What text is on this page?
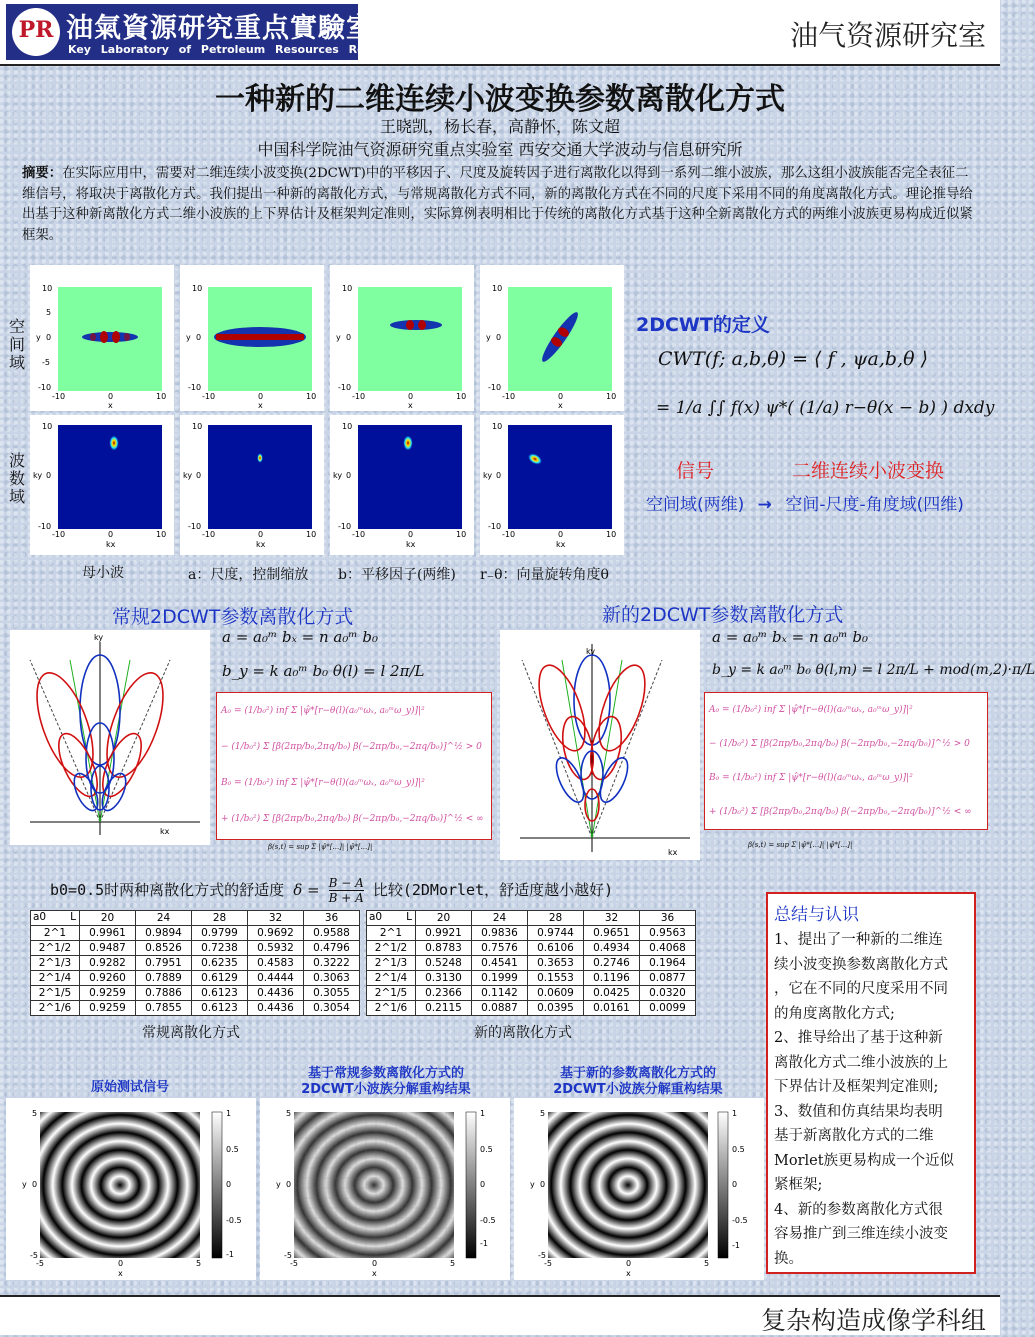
PR 油氣資源研究重点實驗室
Key Laboratory of Petroleum Resources Research	油气资源研究室
一种新的二维连续小波变换参数离散化方式
王晓凯，杨长春，高静怀，陈文超
中国科学院油气资源研究重点实验室 西安交通大学波动与信息研究所
摘要：在实际应用中，需要对二维连续小波变换(2DCWT)中的平移因子、尺度及旋转因子进行离散化以得到一系列二维小波族，那么这组小波族能否完全表征二维信号，将取决于离散化方式。我们提出一种新的离散化方式，与常规离散化方式不同，新的离散化方式在不同的尺度下采用不同的角度离散化方式。理论推导给出基于这种新离散化方式二维小波族的上下界估计及框架判定准则，实际算例表明相比于传统的离散化方式基于这种全新离散化方式的两维小波族更易构成近似紧框架。
空间域
波数域
10
5
0
-5
-10
-10	0	10
x
y
10
0
-10
-10	0	10
x
y
10
0
-10
-10	0	10
x
y
10
0
-10
-10	0	10
x
y
10
0
-10
-10	0	10
kx
ky
10
0
-10
-10	0	10
kx
ky
10
0
-10
-10	0	10
kx
ky
10
0
-10
-10	0	10
kx
ky
母小波	a：尺度，控制缩放 b：平移因子(两维) r₋θ：向量旋转角度θ
2DCWT的定义
CWT(f; a,b,θ) = ⟨ f , ψa,b,θ ⟩
= 1/a ∫∫ f(x) ψ*( (1/a) r−θ(x − b) ) dxdy
信号	二维连续小波变换
空间域(两维) → 空间-尺度-角度域(四维)
常规2DCWT参数离散化方式
ky
kx
a = a₀ᵐ bₓ = n a₀ᵐ b₀
b_y = k a₀ᵐ b₀ θ(l) = l 2π/L
A₀ = (1/b₀²) inf Σ |ψ̂*[r−θ(l)(a₀ᵐωₓ, a₀ᵐω_y)]|²
− (1/b₀²) Σ [β(2πp/b₀,2πq/b₀) β(−2πp/b₀,−2πq/b₀)]^½ > 0
B₀ = (1/b₀²) inf Σ |ψ̂*[r−θ(l)(a₀ᵐωₓ, a₀ᵐω_y)]|²
+ (1/b₀²) Σ [β(2πp/b₀,2πq/b₀) β(−2πp/b₀,−2πq/b₀)]^½ < ∞
β(s,t) = sup Σ |ψ̂*[...]| |ψ̂*[...]|
新的2DCWT参数离散化方式
ky
kx
a = a₀ᵐ bₓ = n a₀ᵐ b₀
b_y = k a₀ᵐ b₀ θ(l,m) = l 2π/L + mod(m,2)·π/L
A₀ = (1/b₀²) inf Σ |ψ̂*[r−θ(l)(a₀ᵐωₓ, a₀ᵐω_y)]|²
− (1/b₀²) Σ [β(2πp/b₀,2πq/b₀) β(−2πp/b₀,−2πq/b₀)]^½ > 0
B₀ = (1/b₀²) inf Σ |ψ̂*[r−θ(l)(a₀ᵐωₓ, a₀ᵐω_y)]|²
+ (1/b₀²) Σ [β(2πp/b₀,2πq/b₀) β(−2πp/b₀,−2πq/b₀)]^½ < ∞
β(s,t) = sup Σ |ψ̂*[...]| |ψ̂*[...]|
b0=0.5时两种离散化方式的舒适度 $\delta = \frac{B - A}{B + A}$ 比较(2DMorlet，舒适度越小越好)
a0 L	20	24	28	32	36
2^1	0.9961	0.9894	0.9799	0.9692	0.9588
2^1/2	0.9487	0.8526	0.7238	0.5932	0.4796
2^1/3	0.9282	0.7951	0.6235	0.4583	0.3222
2^1/4	0.9260	0.7889	0.6129	0.4444	0.3063
2^1/5	0.9259	0.7886	0.6123	0.4436	0.3055
2^1/6	0.9259	0.7855	0.6123	0.4436	0.3054
常规离散化方式
a0 L	20	24	28	32	36
2^1	0.9921	0.9836	0.9744	0.9651	0.9563
2^1/2	0.8783	0.7576	0.6106	0.4934	0.4068
2^1/3	0.5248	0.4541	0.3653	0.2746	0.1964
2^1/4	0.3130	0.1999	0.1553	0.1196	0.0877
2^1/5	0.2366	0.1142	0.0609	0.0425	0.0320
2^1/6	0.2115	0.0887	0.0395	0.0161	0.0099
新的离散化方式
总结与认识
1、提出了一种新的二维连
续小波变换参数离散化方式
，它在不同的尺度采用不同
的角度离散化方式;
2、推导给出了基于这种新
离散化方式二维小波族的上
下界估计及框架判定准则;
3、数值和仿真结果均表明
基于新离散化方式的二维
Morlet族更易构成一个近似
紧框架;
4、新的参数离散化方式很
容易推广到三维连续小波变
换。
原始测试信号
基于常规参数离散化方式的
2DCWT小波族分解重构结果
基于新的参数离散化方式的
2DCWT小波族分解重构结果
1
0.5
0
-0.5
-1
5
0
-5
-5	0	5
x
y
1
0.5
0
-0.5
-1
5
0
-5
-5	0	5
x
y
1
0.5
0
-0.5
-1
5
0
-5
-5	0	5
x
y
复杂构造成像学科组
